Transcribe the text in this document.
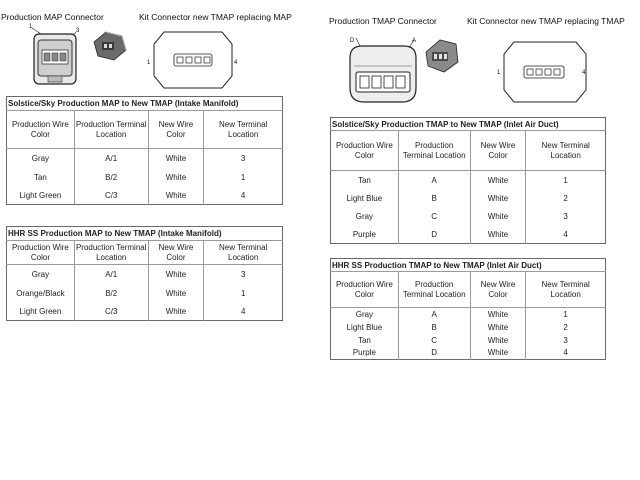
Production MAP Connector	Kit Connector new TMAP replacing MAP	Production TMAP Connector	Kit Connector new TMAP replacing TMAP
1
3
1	4
D	A
1	4
Solstice/Sky Production MAP to New TMAP (Intake Manifold)			
Production Wire Color	Production Terminal Location	New Wire Color	New Terminal Location
Gray	A/1	White	3
Tan	B/2	White	1
Light Green	C/3	White	4
HHR SS Production MAP to New TMAP (Intake Manifold)			
Production Wire Color	Production Terminal Location	New Wire Color	New Terminal Location
Gray	A/1	White	3
Orange/Black	B/2	White	1
Light Green	C/3	White	4
Solstice/Sky Production TMAP to New TMAP (Inlet Air Duct)			
Production Wire Color	Production Terminal Location	New Wire Color	New Terminal Location
Tan	A	White	1
Light Blue	B	White	2
Gray	C	White	3
Purple	D	White	4
HHR SS Production TMAP to New TMAP (Inlet Air Duct)			
Production Wire Color	Production Terminal Location	New Wire Color	New Terminal Location
Gray	A	White	1
Light Blue	B	White	2
Tan	C	White	3
Purple	D	White	4
